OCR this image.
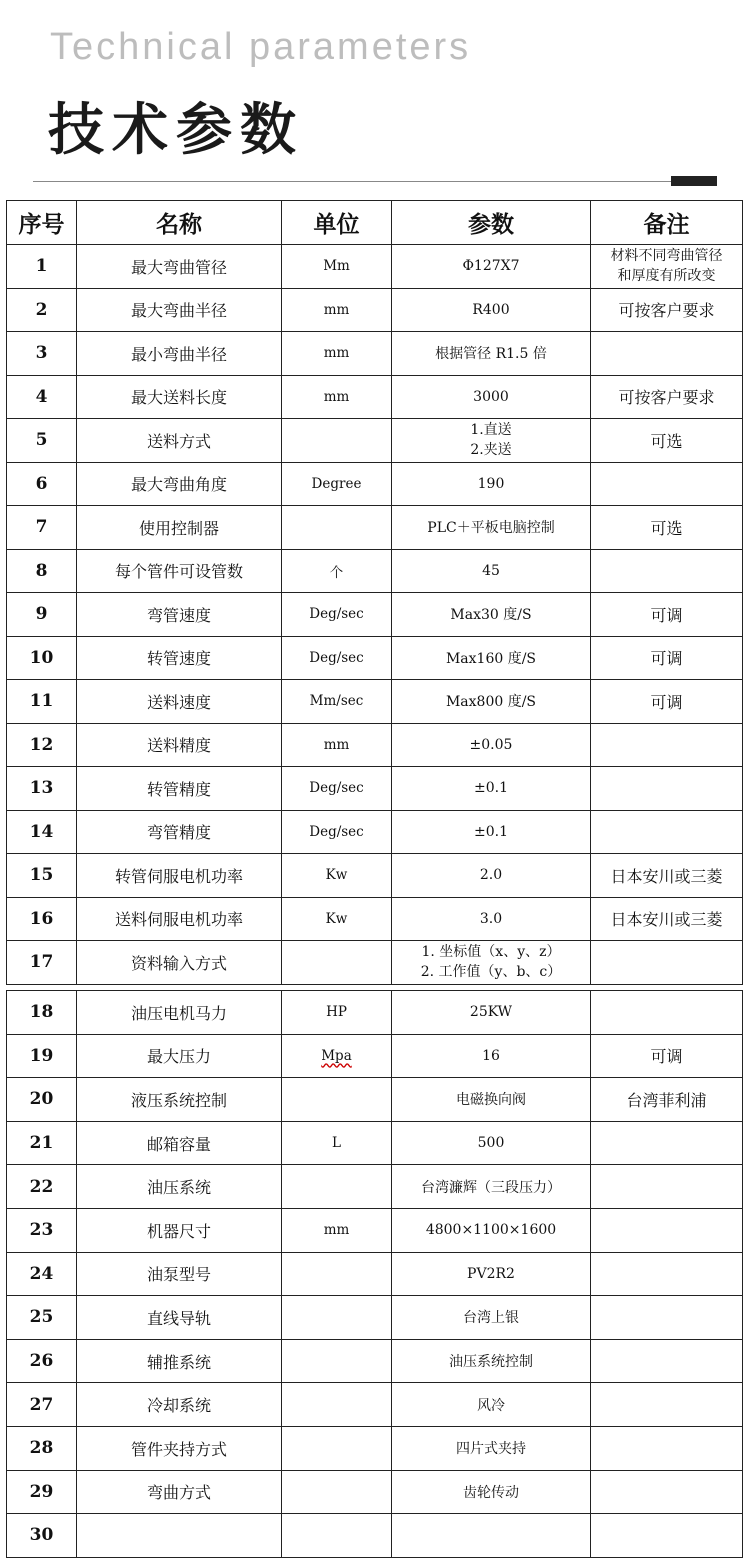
Technical parameters
技术参数
序号	名称	单位	参数	备注
1	最大弯曲管径	Mm	Φ127X7	材料不同弯曲管径
和厚度有所改变

2	最大弯曲半径	mm	R400	可按客户要求
3	最小弯曲半径	mm	根据管径 R1.5 倍	
4	最大送料长度	mm	3000	可按客户要求
5	送料方式		1.直送
2.夹送	可选
6	最大弯曲角度	Degree	190	
7	使用控制器		PLC＋平板电脑控制	可选
8	每个管件可设管数	个	45	
9	弯管速度	Deg/sec	Max30 度/S	可调
10	转管速度	Deg/sec	Max160 度/S	可调
11	送料速度	Mm/sec	Max800 度/S	可调
12	送料精度	mm	±0.05	
13	转管精度	Deg/sec	±0.1	
14	弯管精度	Deg/sec	±0.1	
15	转管伺服电机功率	Kw	2.0	日本安川或三菱
16	送料伺服电机功率	Kw	3.0	日本安川或三菱
17	资料输入方式		1. 坐标值（x、y、z）
2. 工作值（y、b、c）	

18	油压电机马力	HP	25KW	
19	最大压力	Mpa	16	可调
20	液压系统控制		电磁换向阀	台湾菲利浦
21	邮箱容量	L	500	
22	油压系统		台湾濂辉（三段压力）	
23	机器尺寸	mm	4800×1100×1600	
24	油泵型号		PV2R2	
25	直线导轨		台湾上银	
26	辅推系统		油压系统控制	
27	冷却系统		风冷	
28	管件夹持方式		四片式夹持	
29	弯曲方式		齿轮传动	
30				
